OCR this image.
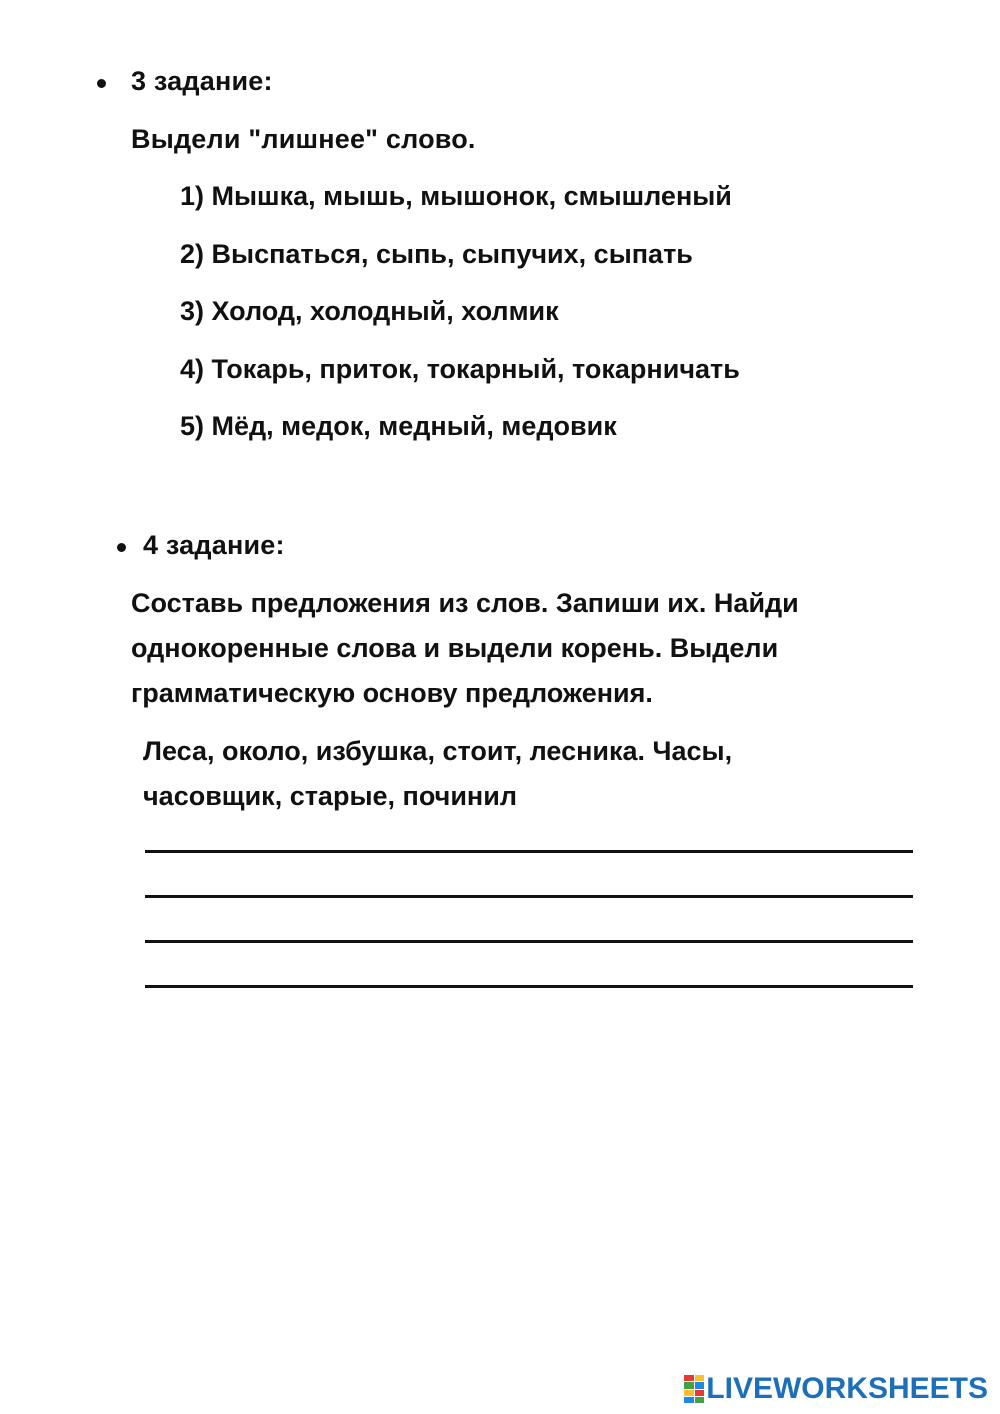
3 задание:
Выдели "лишнее" слово.
1) Мышка, мышь, мышонок, смышленый
2) Выспаться, сыпь, сыпучих, сыпать
3) Холод, холодный, холмик
4) Токарь, приток, токарный, токарничать
5) Мёд, медок, медный, медовик
4 задание:
Составь предложения из слов. Запиши их. Найди
однокоренные слова и выдели корень. Выдели
грамматическую основу предложения.
Леса, около, избушка, стоит, лесника. Часы,
часовщик, старые, починил
LIVEWORKSHEETS
